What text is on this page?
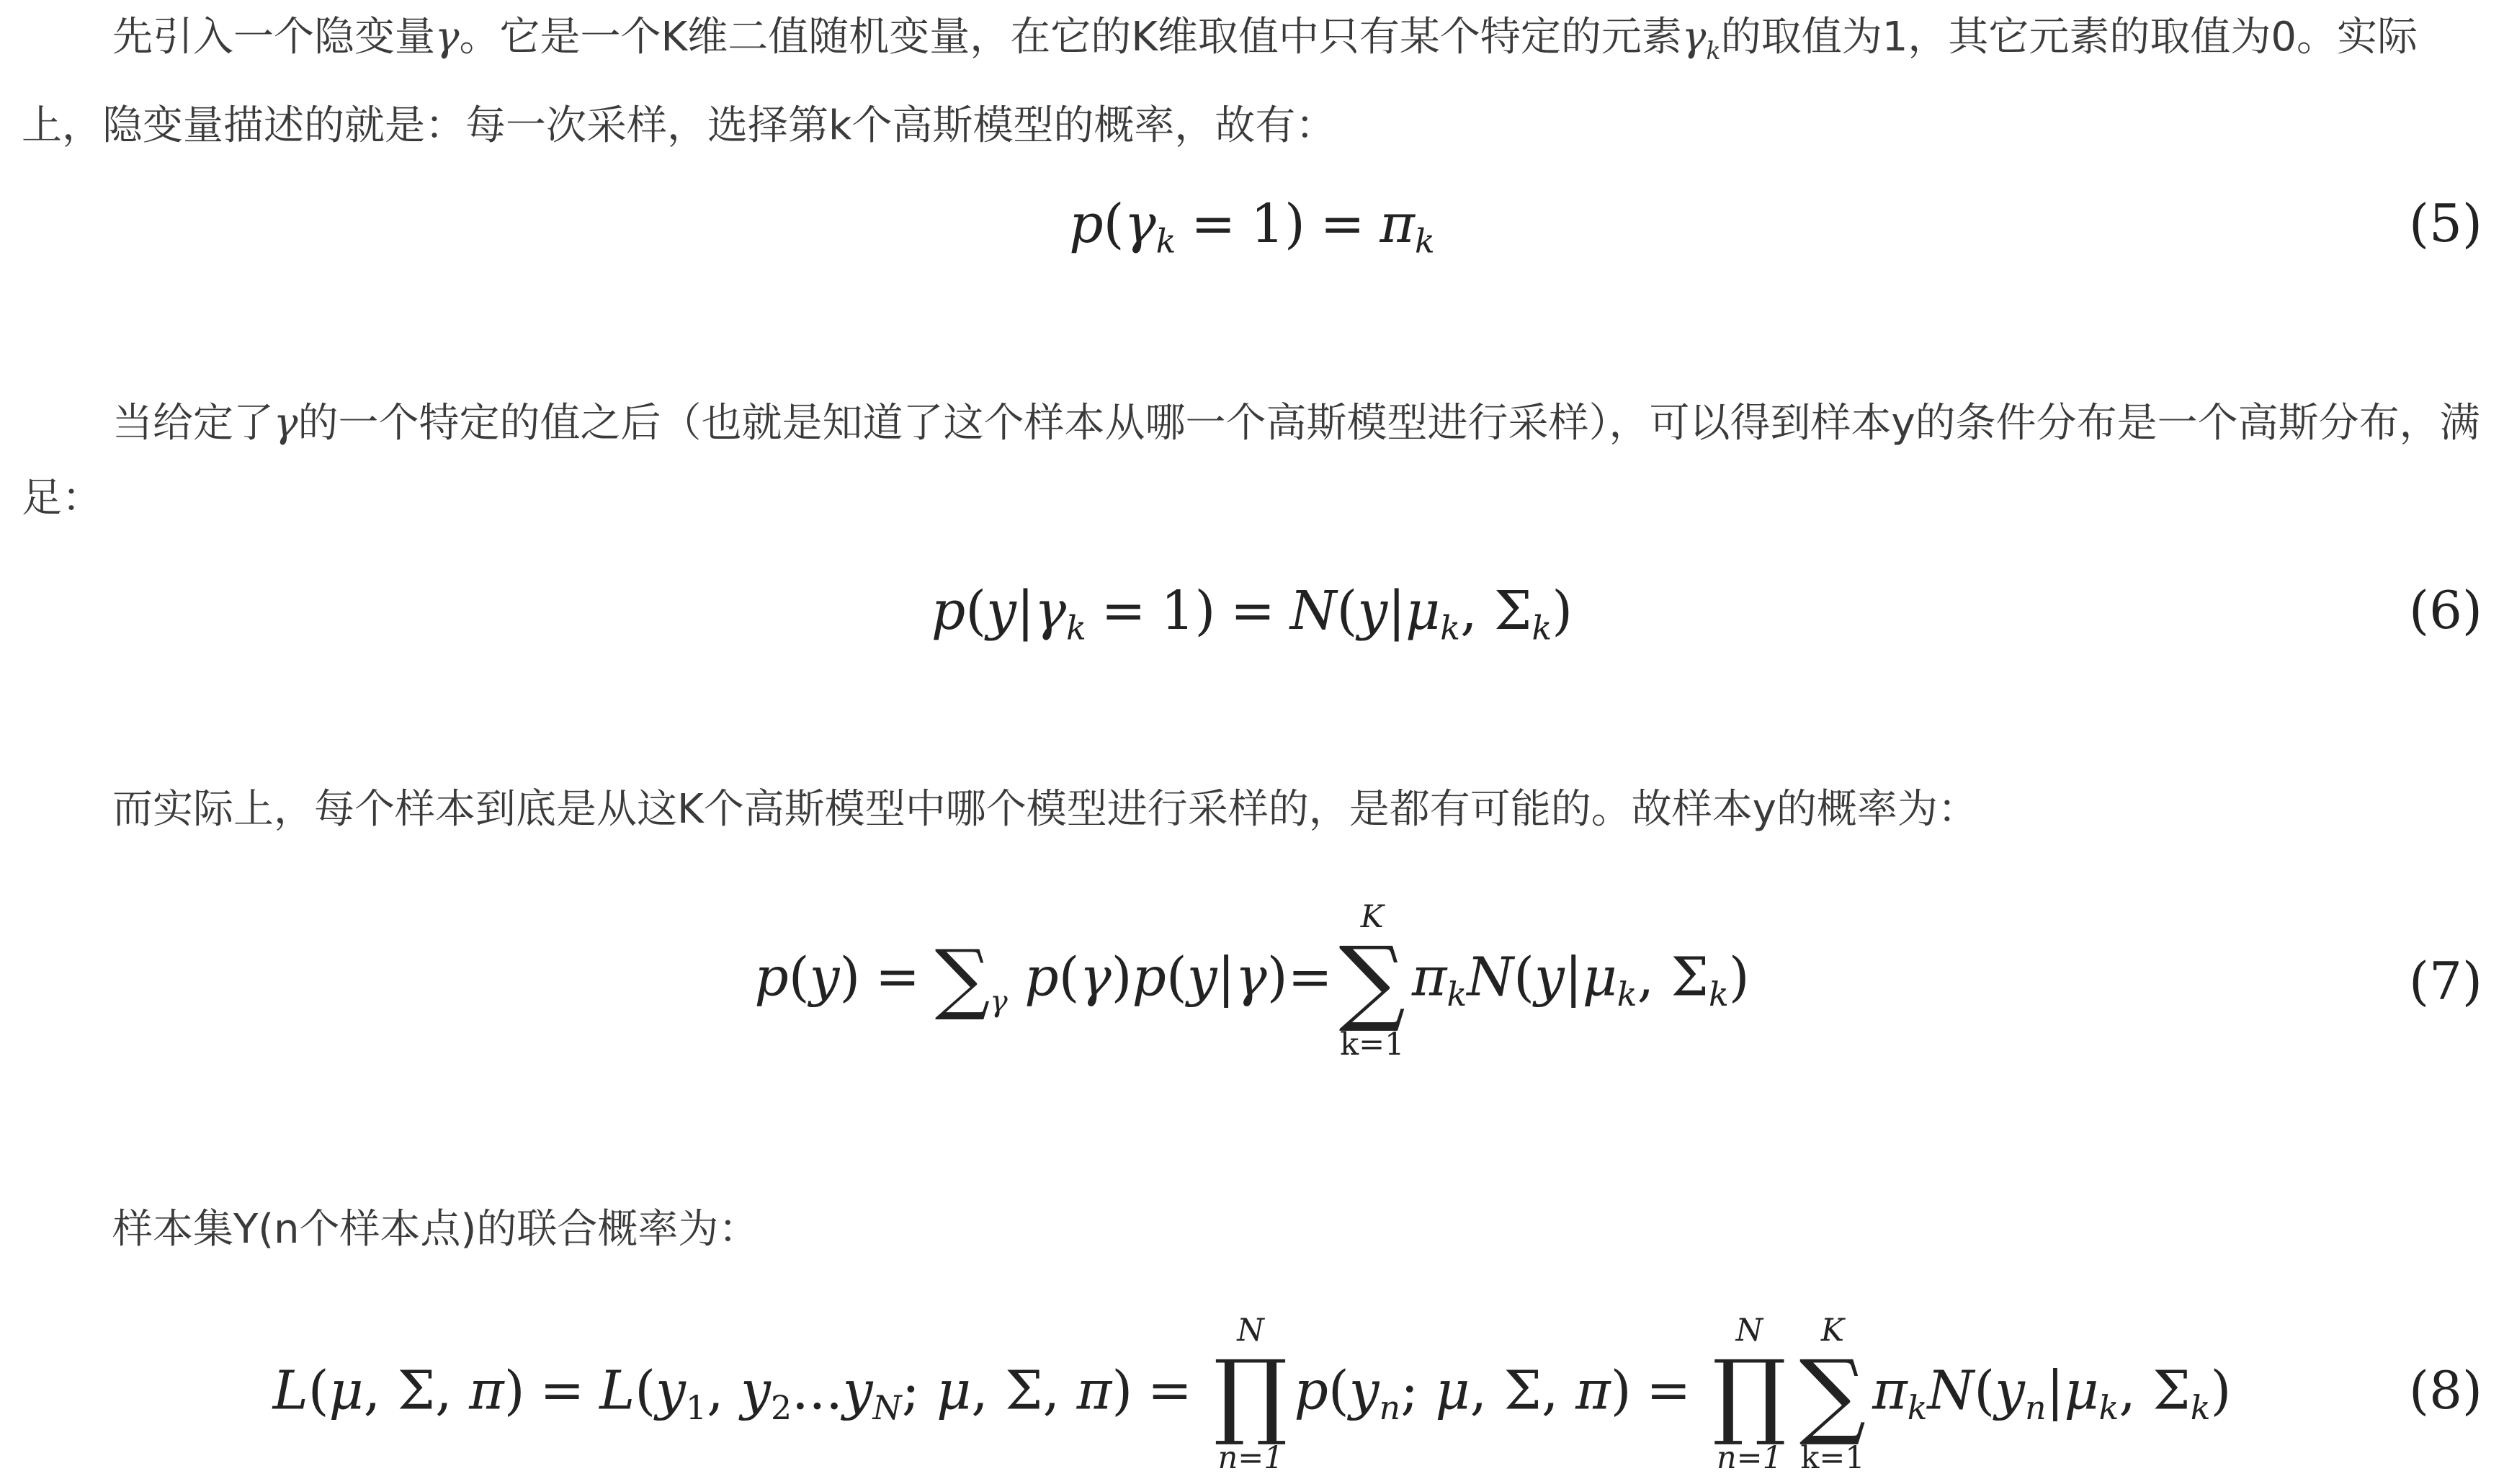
先引入一个隐变量γ。它是一个K维二值随机变量，在它的K维取值中只有某个特定的元素$\gamma_k$的取值为1，其它元素的取值为0。实际上，隐变量描述的就是：每一次采样，选择第k个高斯模型的概率，故有：

$p(\gamma_k = 1) = \pi_k$	(5)

当给定了γ的一个特定的值之后（也就是知道了这个样本从哪一个高斯模型进行采样），可以得到样本y的条件分布是一个高斯分布，满足：

$p(y|\gamma_k = 1) = N(y|\mu_k$, $\Sigma_k$)	(6)

而实际上，每个样本到底是从这K个高斯模型中哪个模型进行采样的，是都有可能的。故样本y的概率为：

$p(y) = \sum_\gamma$ p(γ)p(y|γ)=
K
∑
k=1
$\pi_kN(y|\mu_k$, $\Sigma_k$)	(7)

样本集Y(n个样本点)的联合概率为：

L(μ, Σ, $\pi) = L(y_1$, $y_2...y_N$; μ, Σ, π) =
N
∏
n=1
$p(y_n$; μ, Σ, π) =
N
∏
n=1
K
∑
k=1
$\pi_kN(y_n|\mu_k$, $\Sigma_k$)	(8)
